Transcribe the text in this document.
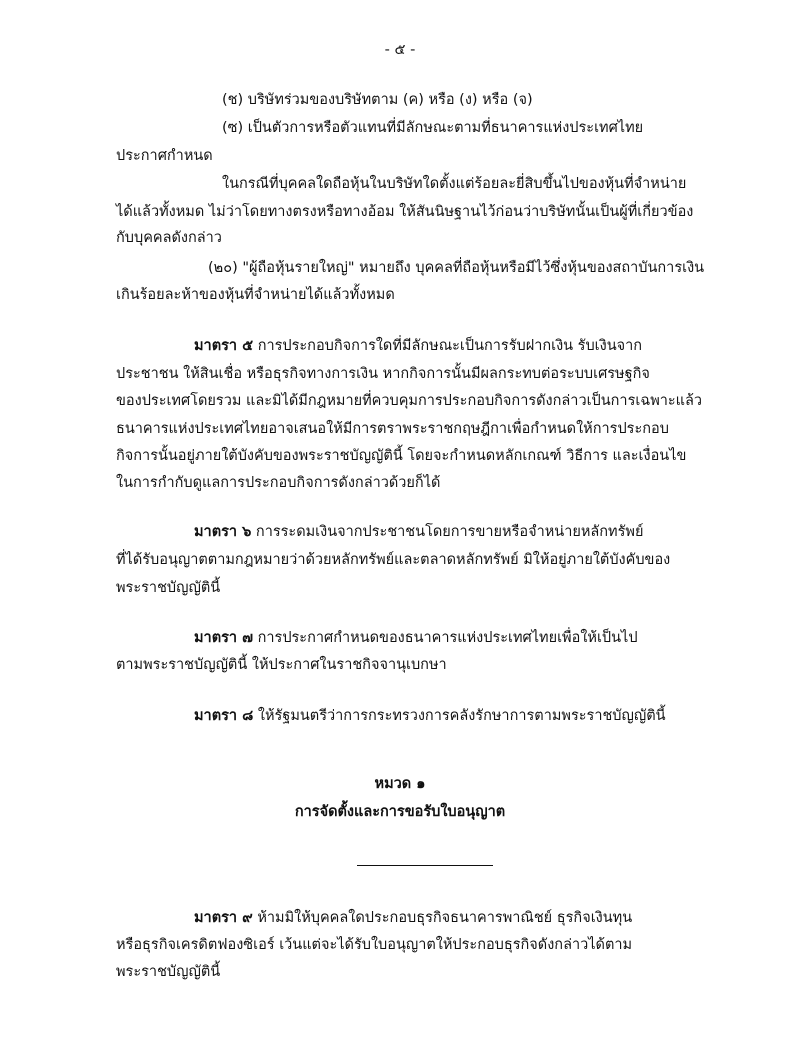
- ๕ -
(ช) บริษัทร่วมของบริษัทตาม (ค) หรือ (ง) หรือ (จ)
(ซ) เป็นตัวการหรือตัวแทนที่มีลักษณะตามที่ธนาคารแห่งประเทศไทย
ประกาศกำหนด
ในกรณีที่บุคคลใดถือหุ้นในบริษัทใดตั้งแต่ร้อยละยี่สิบขึ้นไปของหุ้นที่จำหน่าย
ได้แล้วทั้งหมด ไม่ว่าโดยทางตรงหรือทางอ้อม ให้สันนิษฐานไว้ก่อนว่าบริษัทนั้นเป็นผู้ที่เกี่ยวข้อง
กับบุคคลดังกล่าว
(๒๐) "ผู้ถือหุ้นรายใหญ่" หมายถึง บุคคลที่ถือหุ้นหรือมีไว้ซึ่งหุ้นของสถาบันการเงิน
เกินร้อยละห้าของหุ้นที่จำหน่ายได้แล้วทั้งหมด
มาตรา ๕ การประกอบกิจการใดที่มีลักษณะเป็นการรับฝากเงิน รับเงินจาก
ประชาชน ให้สินเชื่อ หรือธุรกิจทางการเงิน หากกิจการนั้นมีผลกระทบต่อระบบเศรษฐกิจ
ของประเทศโดยรวม และมิได้มีกฎหมายที่ควบคุมการประกอบกิจการดังกล่าวเป็นการเฉพาะแล้ว
ธนาคารแห่งประเทศไทยอาจเสนอให้มีการตราพระราชกฤษฎีกาเพื่อกำหนดให้การประกอบ
กิจการนั้นอยู่ภายใต้บังคับของพระราชบัญญัตินี้ โดยจะกำหนดหลักเกณฑ์ วิธีการ และเงื่อนไข
ในการกำกับดูแลการประกอบกิจการดังกล่าวด้วยก็ได้
มาตรา ๖ การระดมเงินจากประชาชนโดยการขายหรือจำหน่ายหลักทรัพย์
ที่ได้รับอนุญาตตามกฎหมายว่าด้วยหลักทรัพย์และตลาดหลักทรัพย์ มิให้อยู่ภายใต้บังคับของ
พระราชบัญญัตินี้
มาตรา ๗ การประกาศกำหนดของธนาคารแห่งประเทศไทยเพื่อให้เป็นไป
ตามพระราชบัญญัตินี้ ให้ประกาศในราชกิจจานุเบกษา
มาตรา ๘ ให้รัฐมนตรีว่าการกระทรวงการคลังรักษาการตามพระราชบัญญัตินี้
หมวด ๑
การจัดตั้งและการขอรับใบอนุญาต
มาตรา ๙ ห้ามมิให้บุคคลใดประกอบธุรกิจธนาคารพาณิชย์ ธุรกิจเงินทุน
หรือธุรกิจเครดิตฟองซิเอร์ เว้นแต่จะได้รับใบอนุญาตให้ประกอบธุรกิจดังกล่าวได้ตาม
พระราชบัญญัตินี้
